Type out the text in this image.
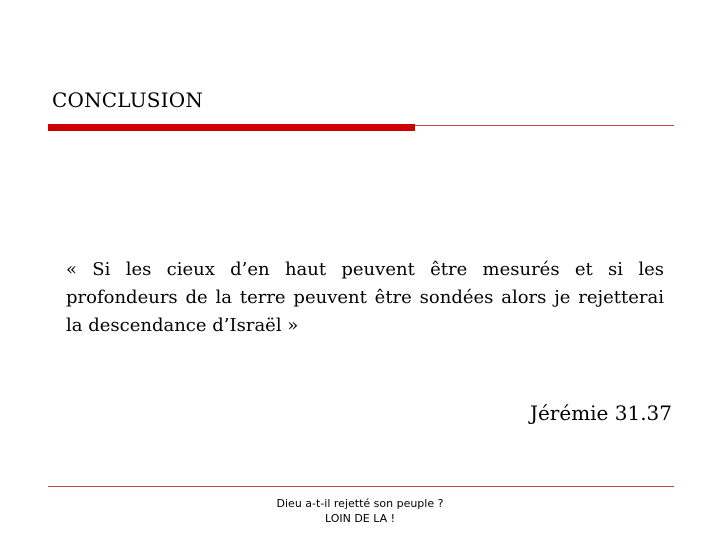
CONCLUSION

« Si les cieux d’en haut peuvent être mesurés et si les profondeurs de la terre peuvent être sondées alors je rejetterai la descendance d’Israël »

Jérémie 31.37
Dieu a-t-il rejetté son peuple ?
LOIN DE LA !
